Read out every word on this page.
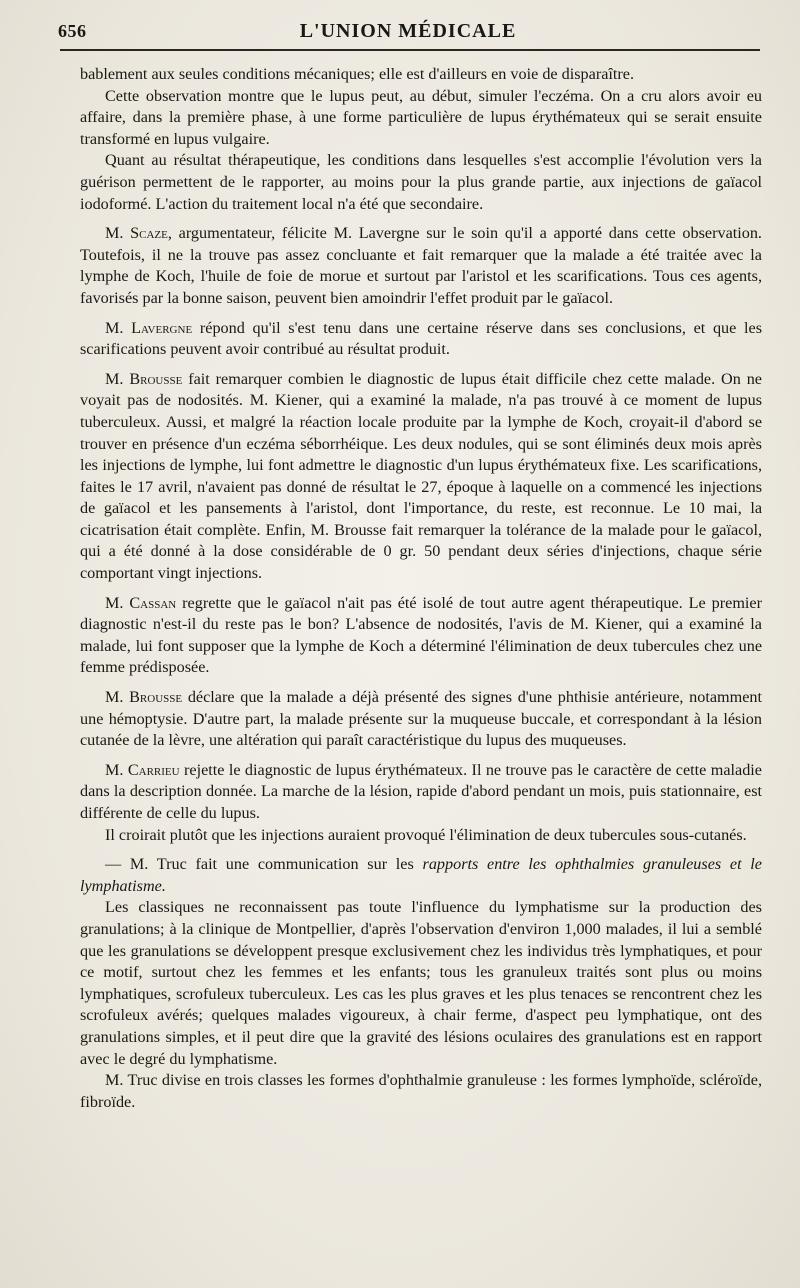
656	L'UNION MÉDICALE

bablement aux seules conditions mécaniques; elle est d'ailleurs en voie de disparaître.

Cette observation montre que le lupus peut, au début, simuler l'eczéma. On a cru alors avoir eu affaire, dans la première phase, à une forme particulière de lupus érythémateux qui se serait ensuite transformé en lupus vulgaire.

Quant au résultat thérapeutique, les conditions dans lesquelles s'est accomplie l'évolution vers la guérison permettent de le rapporter, au moins pour la plus grande partie, aux injections de gaïacol iodoformé. L'action du traitement local n'a été que secondaire.

M. Scaze, argumentateur, félicite M. Lavergne sur le soin qu'il a apporté dans cette observation. Toutefois, il ne la trouve pas assez concluante et fait remarquer que la malade a été traitée avec la lymphe de Koch, l'huile de foie de morue et surtout par l'aristol et les scarifications. Tous ces agents, favorisés par la bonne saison, peuvent bien amoindrir l'effet produit par le gaïacol.

M. Lavergne répond qu'il s'est tenu dans une certaine réserve dans ses conclusions, et que les scarifications peuvent avoir contribué au résultat produit.

M. Brousse fait remarquer combien le diagnostic de lupus était difficile chez cette malade. On ne voyait pas de nodosités. M. Kiener, qui a examiné la malade, n'a pas trouvé à ce moment de lupus tuberculeux. Aussi, et malgré la réaction locale produite par la lymphe de Koch, croyait-il d'abord se trouver en présence d'un eczéma séborrhéique. Les deux nodules, qui se sont éliminés deux mois après les injections de lymphe, lui font admettre le diagnostic d'un lupus érythémateux fixe. Les scarifications, faites le 17 avril, n'avaient pas donné de résultat le 27, époque à laquelle on a commencé les injections de gaïacol et les pansements à l'aristol, dont l'importance, du reste, est reconnue. Le 10 mai, la cicatrisation était complète. Enfin, M. Brousse fait remarquer la tolérance de la malade pour le gaïacol, qui a été donné à la dose considérable de 0 gr. 50 pendant deux séries d'injections, chaque série comportant vingt injections.

M. Cassan regrette que le gaïacol n'ait pas été isolé de tout autre agent thérapeutique. Le premier diagnostic n'est-il du reste pas le bon? L'absence de nodosités, l'avis de M. Kiener, qui a examiné la malade, lui font supposer que la lymphe de Koch a déterminé l'élimination de deux tubercules chez une femme prédisposée.

M. Brousse déclare que la malade a déjà présenté des signes d'une phthisie antérieure, notamment une hémoptysie. D'autre part, la malade présente sur la muqueuse buccale, et correspondant à la lésion cutanée de la lèvre, une altération qui paraît caractéristique du lupus des muqueuses.

M. Carrieu rejette le diagnostic de lupus érythémateux. Il ne trouve pas le caractère de cette maladie dans la description donnée. La marche de la lésion, rapide d'abord pendant un mois, puis stationnaire, est différente de celle du lupus.

Il croirait plutôt que les injections auraient provoqué l'élimination de deux tubercules sous-cutanés.

— M. Truc fait une communication sur les rapports entre les ophthalmies granuleuses et le lymphatisme.

Les classiques ne reconnaissent pas toute l'influence du lymphatisme sur la production des granulations; à la clinique de Montpellier, d'après l'observation d'environ 1,000 malades, il lui a semblé que les granulations se développent presque exclusivement chez les individus très lymphatiques, et pour ce motif, surtout chez les femmes et les enfants; tous les granuleux traités sont plus ou moins lymphatiques, scrofuleux tuberculeux. Les cas les plus graves et les plus tenaces se rencontrent chez les scrofuleux avérés; quelques malades vigoureux, à chair ferme, d'aspect peu lymphatique, ont des granulations simples, et il peut dire que la gravité des lésions oculaires des granulations est en rapport avec le degré du lymphatisme.

M. Truc divise en trois classes les formes d'ophthalmie granuleuse : les formes lymphoïde, scléroïde, fibroïde.
